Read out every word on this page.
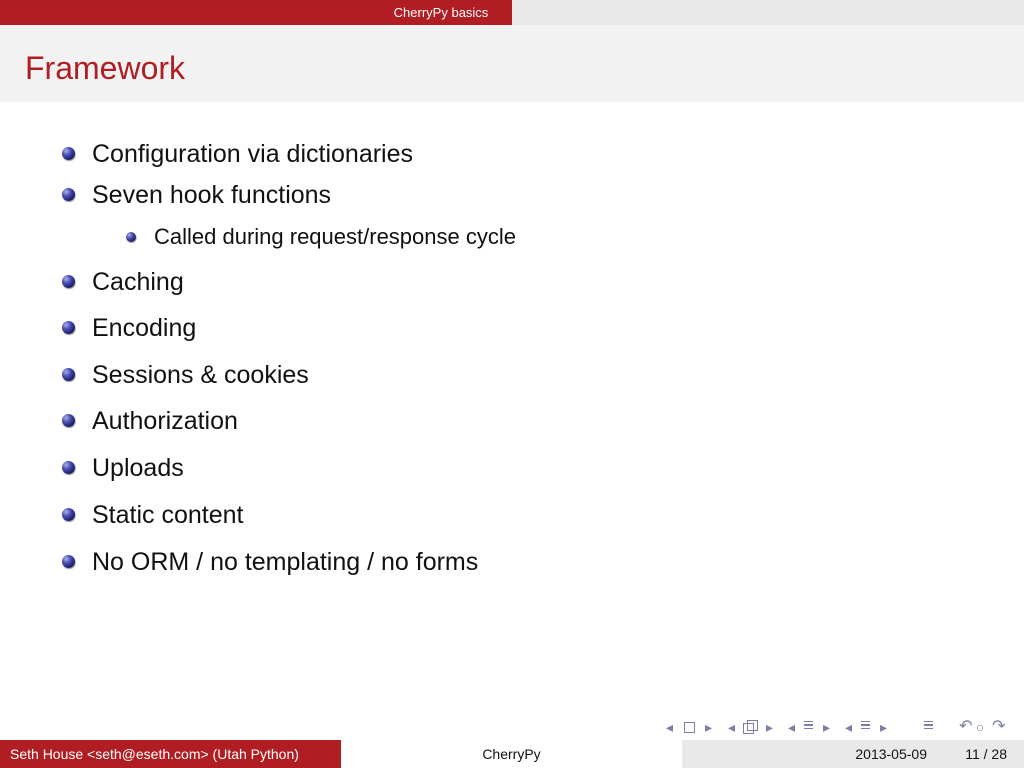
CherryPy basics
Framework
Configuration via dictionaries
Seven hook functions
Called during request/response cycle
Caching
Encoding
Sessions & cookies
Authorization
Uploads
Static content
No ORM / no templating / no forms
◂ ▸ ◂ ▸ ◂ ▸ ◂ ▸	↶ ○ ↷
Seth House <seth@eseth.com> (Utah Python)	CherryPy	2013-05-09	11 / 28
